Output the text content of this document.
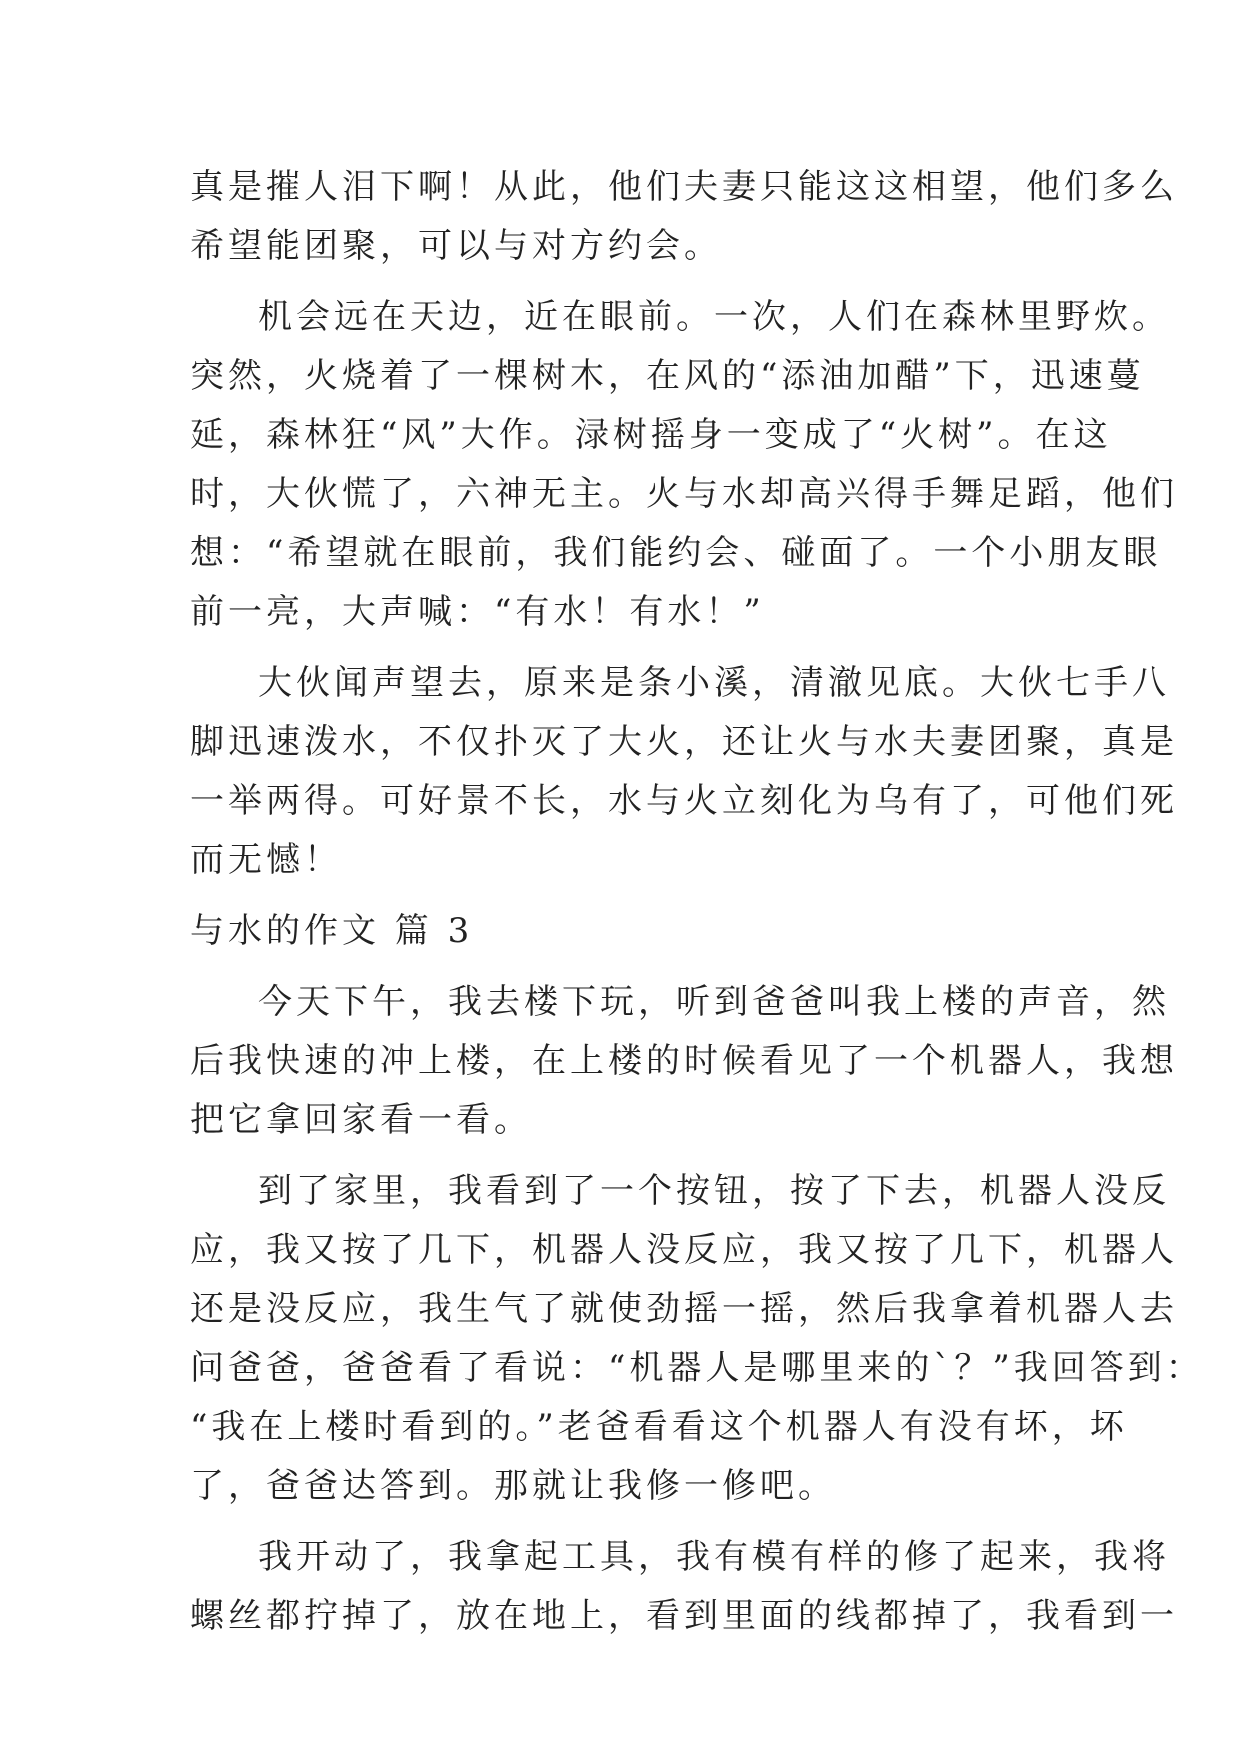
真是摧人泪下啊！从此，他们夫妻只能这这相望，他们多么
希望能团聚，可以与对方约会。
机会远在天边，近在眼前。一次，人们在森林里野炊。
突然，火烧着了一棵树木，在风的“添油加醋”下，迅速蔓
延，森林狂“风”大作。渌树摇身一变成了“火树”。在这
时，大伙慌了，六神无主。火与水却高兴得手舞足蹈，他们
想：“希望就在眼前，我们能约会、碰面了。一个小朋友眼
前一亮，大声喊：“有水！有水！”
大伙闻声望去，原来是条小溪，清澈见底。大伙七手八
脚迅速泼水，不仅扑灭了大火，还让火与水夫妻团聚，真是
一举两得。可好景不长，水与火立刻化为乌有了，可他们死
而无憾！
与水的作文 篇 3
今天下午，我去楼下玩，听到爸爸叫我上楼的声音，然
后我快速的冲上楼，在上楼的时候看见了一个机器人，我想
把它拿回家看一看。
到了家里，我看到了一个按钮，按了下去，机器人没反
应，我又按了几下，机器人没反应，我又按了几下，机器人
还是没反应，我生气了就使劲摇一摇，然后我拿着机器人去
问爸爸，爸爸看了看说：“机器人是哪里来的`？”我回答到：
“我在上楼时看到的。”老爸看看这个机器人有没有坏，坏
了，爸爸达答到。那就让我修一修吧。
我开动了，我拿起工具，我有模有样的修了起来，我将
螺丝都拧掉了，放在地上，看到里面的线都掉了，我看到一
